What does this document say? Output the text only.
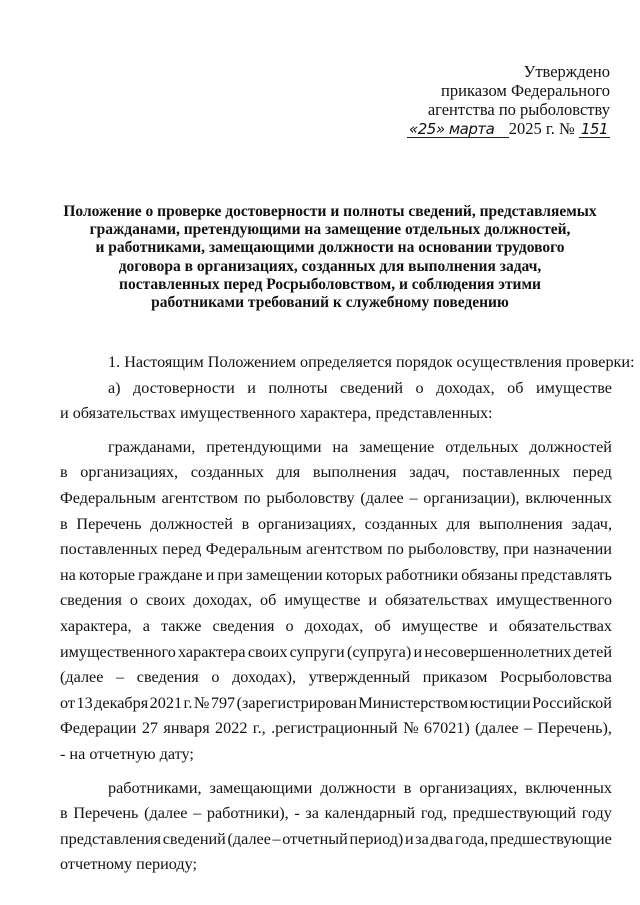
Утверждено
приказом Федерального
агентства по рыболовству
«25» марта 2025 г. № 151
Положение о проверке достоверности и полноты сведений, представляемых
гражданами, претендующими на замещение отдельных должностей,
и работниками, замещающими должности на основании трудового
договора в организациях, созданных для выполнения задач,
поставленных перед Росрыболовством, и соблюдения этими
работниками требований к служебному поведению
1. Настоящим Положением определяется порядок осуществления проверки:
а) достоверности и полноты сведений о доходах, об имуществе
и обязательствах имущественного характера, представленных:
гражданами, претендующими на замещение отдельных должностей
в организациях, созданных для выполнения задач, поставленных перед
Федеральным агентством по рыболовству (далее – организации), включенных
в Перечень должностей в организациях, созданных для выполнения задач,
поставленных перед Федеральным агентством по рыболовству, при назначении
на которые граждане и при замещении которых работники обязаны представлять
сведения о своих доходах, об имуществе и обязательствах имущественного
характера, а также сведения о доходах, об имуществе и обязательствах
имущественного характера своих супруги (супруга) и несовершеннолетних детей
(далее – сведения о доходах), утвержденный приказом Росрыболовства
от 13 декабря 2021 г. № 797 (зарегистрирован Министерством юстиции Российской
Федерации 27 января 2022 г., .регистрационный № 67021) (далее – Перечень),
- на отчетную дату;
работниками, замещающими должности в организациях, включенных
в Перечень (далее – работники), - за календарный год, предшествующий году
представления сведений (далее – отчетный период) и за два года, предшествующие
отчетному периоду;
